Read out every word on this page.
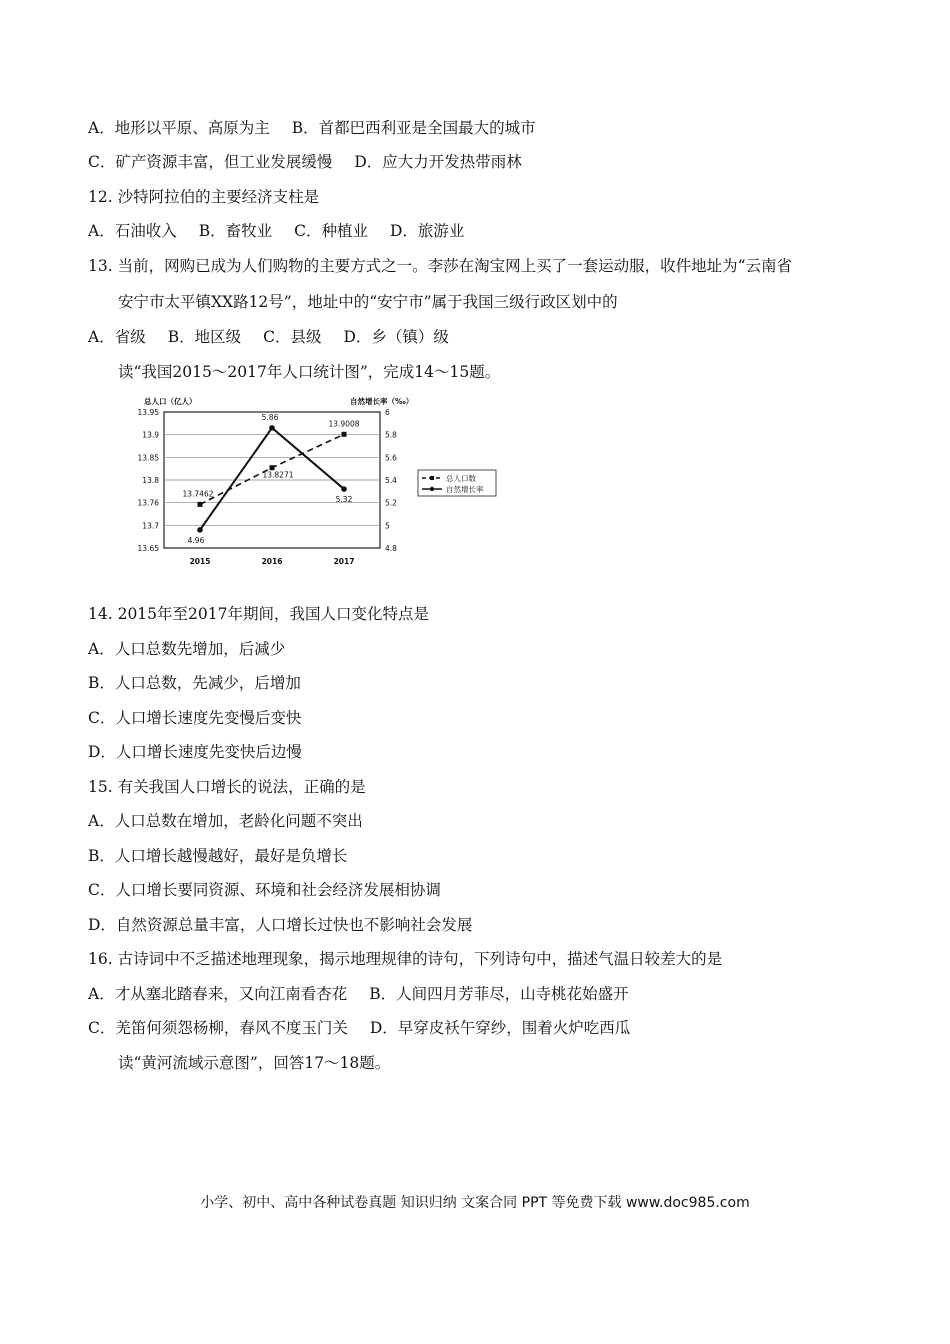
A．地形以平原、高原为主 B．首都巴西利亚是全国最大的城市
C．矿产资源丰富，但工业发展缓慢 D．应大力开发热带雨林
12. 沙特阿拉伯的主要经济支柱是
A．石油收入 B．畜牧业 C．种植业 D．旅游业
13. 当前，网购已成为人们购物的主要方式之一。李莎在淘宝网上买了一套运动服，收件地址为“云南省
安宁市太平镇XX路12号”，地址中的“安宁市”属于我国三级行政区划中的
A．省级 B．地区级 C．县级 D．乡（镇）级
读“我国2015～2017年人口统计图”，完成14～15题。
13.95
13.9
13.85
13.8
13.76
13.7
13.65
6
5.8
5.6
5.4
5.2
5
4.8
总人口（亿人）	自然增长率（‰）
2015	2016	2017
13.7462
13.8271
13.9008
4.96
5.86
5.32
总人口数
自然增长率
14. 2015年至2017年期间，我国人口变化特点是
A．人口总数先增加，后减少
B．人口总数，先减少，后增加
C．人口增长速度先变慢后变快
D．人口增长速度先变快后边慢
15. 有关我国人口增长的说法，正确的是
A．人口总数在增加，老龄化问题不突出
B．人口增长越慢越好，最好是负增长
C．人口增长要同资源、环境和社会经济发展相协调
D．自然资源总量丰富，人口增长过快也不影响社会发展
16. 古诗词中不乏描述地理现象，揭示地理规律的诗句，下列诗句中，描述气温日较差大的是
A．才从塞北踏春来，又向江南看杏花 B．人间四月芳菲尽，山寺桃花始盛开
C．羌笛何须怨杨柳，春风不度玉门关 D．早穿皮袄午穿纱，围着火炉吃西瓜
读“黄河流域示意图”，回答17～18题。
小学、初中、高中各种试卷真题 知识归纳 文案合同 PPT 等免费下载 www.doc985.com
